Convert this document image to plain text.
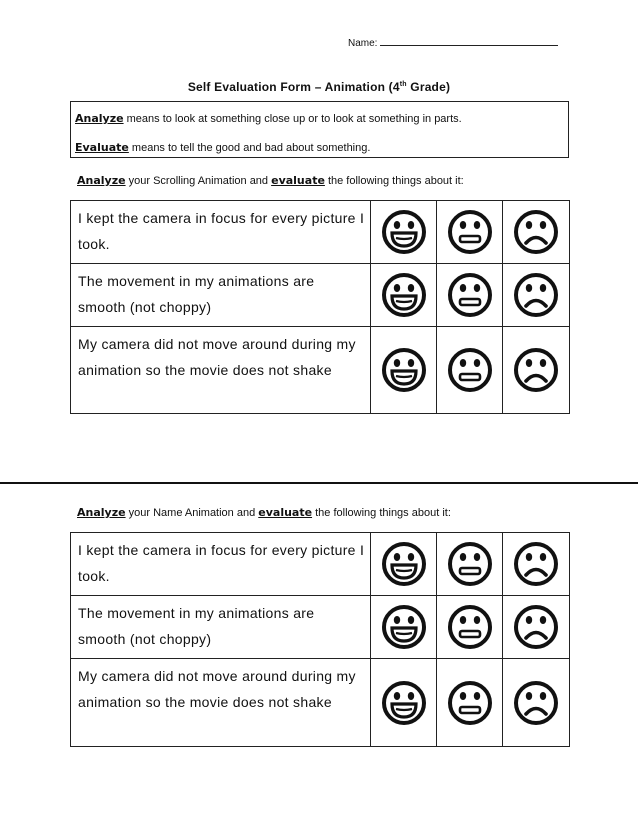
Name:
Self Evaluation Form – Animation (4th Grade)
Analyze means to look at something close up or to look at something in parts.
Evaluate means to tell the good and bad about something.
Analyze your Scrolling Animation and evaluate the following things about it:
I kept the camera in focus for every picture I took.	

The movement in my animations are smooth (not choppy)	

My camera did not move around during my animation so the movie does not shake	

Analyze your Name Animation and evaluate the following things about it:
I kept the camera in focus for every picture I took.	

The movement in my animations are smooth (not choppy)	

My camera did not move around during my animation so the movie does not shake	
